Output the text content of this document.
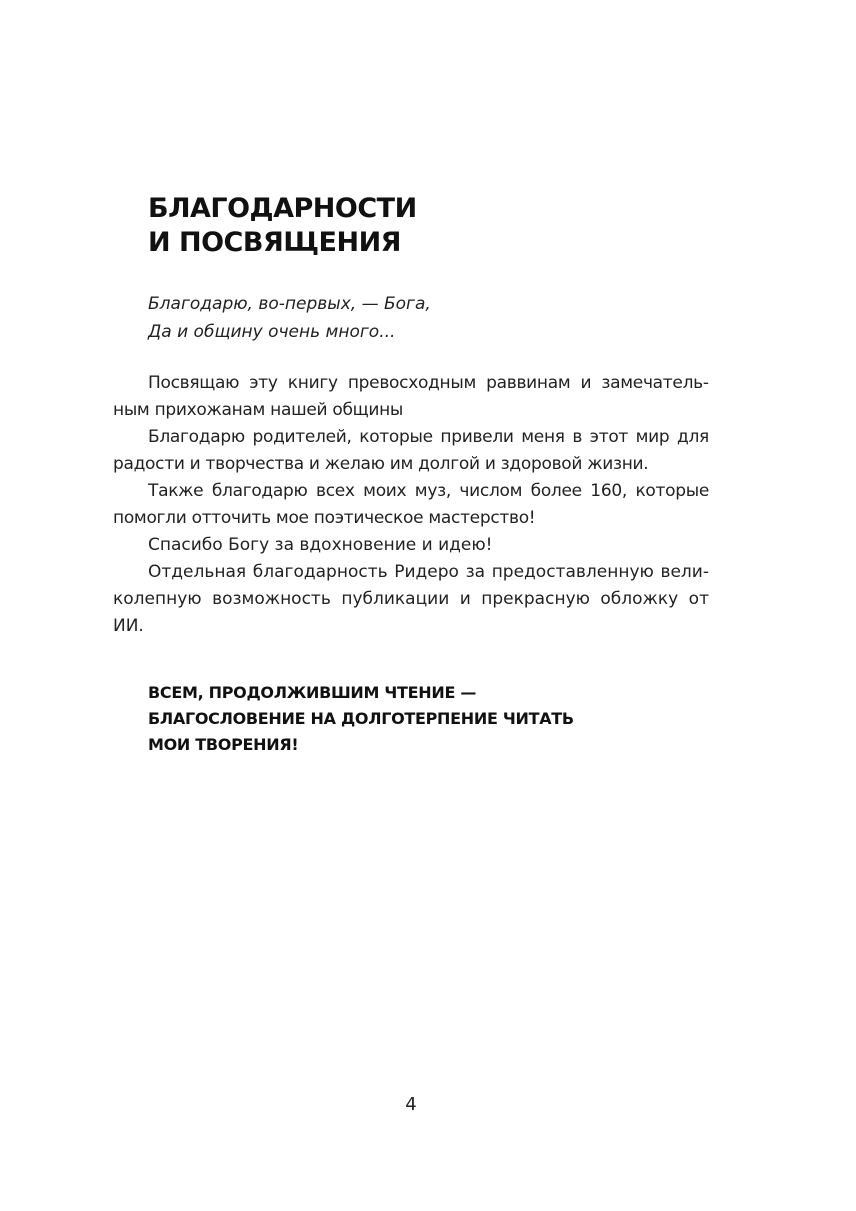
БЛАГОДАРНОСТИ
И ПОСВЯЩЕНИЯ
Благодарю, во-первых, — Бога,
Да и общину очень много...

Посвящаю эту книгу превосходным раввинам и замечательным прихожанам нашей общины

Благодарю родителей, которые привели меня в этот мир для радости и творчества и желаю им долгой и здоровой жизни.

Также благодарю всех моих муз, числом более 160, которые помогли отточить мое поэтическое мастерство!

Спасибо Богу за вдохновение и идею!

Отдельная благодарность Ридеро за предоставленную великолепную возможность публикации и прекрасную обложку от ИИ.

ВСЕМ, ПРОДОЛЖИВШИМ ЧТЕНИЕ —
БЛАГОСЛОВЕНИЕ НА ДОЛГОТЕРПЕНИЕ ЧИТАТЬ
МОИ ТВОРЕНИЯ!
4
